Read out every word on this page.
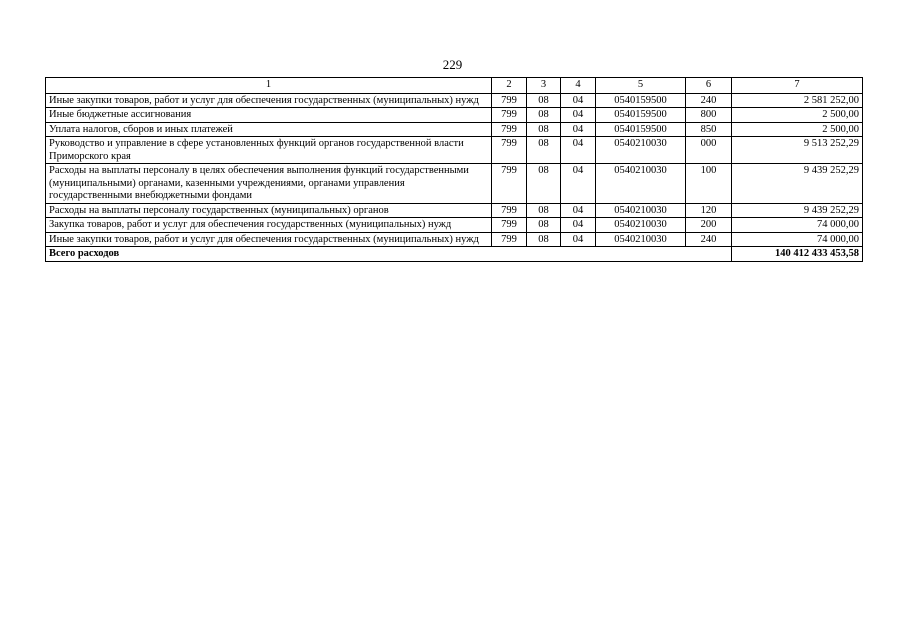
229
1	2	3	4	5	6	7
Иные закупки товаров, работ и услуг для обеспечения государственных (муниципальных) нужд	799	08	04	0540159500	240	2 581 252,00
Иные бюджетные ассигнования	799	08	04	0540159500	800	2 500,00
Уплата налогов, сборов и иных платежей	799	08	04	0540159500	850	2 500,00
Руководство и управление в сфере установленных функций органов государственной власти Приморского края	799	08	04	0540210030	000	9 513 252,29
Расходы на выплаты персоналу в целях обеспечения выполнения функций государственными (муниципальными) органами, казенными учреждениями, органами управления государственными внебюджетными фондами	799	08	04	0540210030	100	9 439 252,29
Расходы на выплаты персоналу государственных (муниципальных) органов	799	08	04	0540210030	120	9 439 252,29
Закупка товаров, работ и услуг для обеспечения государственных (муниципальных) нужд	799	08	04	0540210030	200	74 000,00
Иные закупки товаров, работ и услуг для обеспечения государственных (муниципальных) нужд	799	08	04	0540210030	240	74 000,00
Всего расходов						140 412 433 453,58
